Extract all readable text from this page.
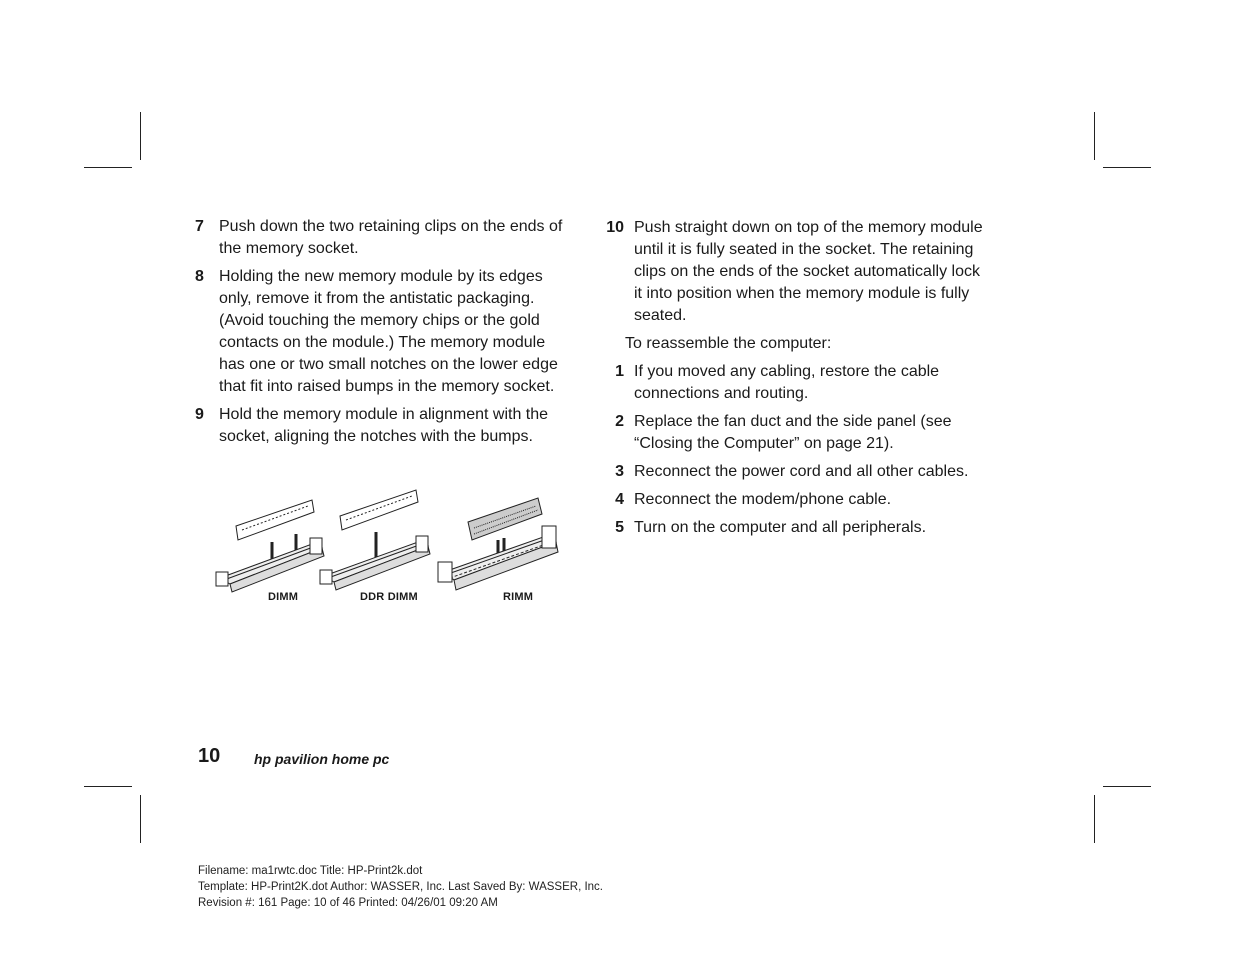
7 Push down the two retaining clips on the ends of the memory socket.
8 Holding the new memory module by its edges only, remove it from the antistatic packaging. (Avoid touching the memory chips or the gold contacts on the module.) The memory module has one or two small notches on the lower edge that fit into raised bumps in the memory socket.
9 Hold the memory module in alignment with the socket, aligning the notches with the bumps.
DIMM	DDR DIMM	RIMM
10 Push straight down on top of the memory module until it is fully seated in the socket. The retaining clips on the ends of the socket automatically lock it into position when the memory module is fully seated.
To reassemble the computer:
1 If you moved any cabling, restore the cable connections and routing.
2 Replace the fan duct and the side panel (see “Closing the Computer” on page 21).
3 Reconnect the power cord and all other cables.
4 Reconnect the modem/phone cable.
5 Turn on the computer and all peripherals.
10 hp pavilion home pc
Filename: ma1rwtc.doc Title: HP-Print2k.dot
Template: HP-Print2K.dot Author: WASSER, Inc. Last Saved By: WASSER, Inc.
Revision #: 161 Page: 10 of 46 Printed: 04/26/01 09:20 AM
